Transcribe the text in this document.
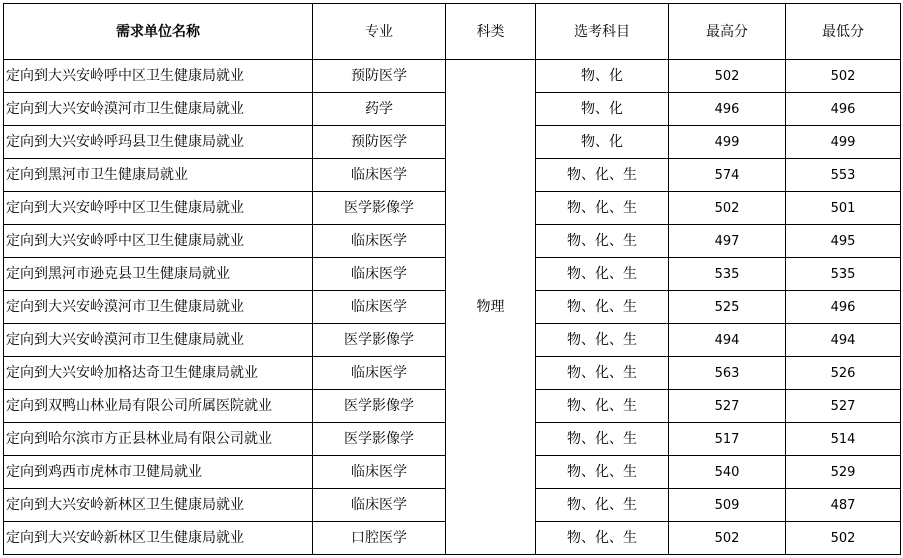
需求单位名称	专业	科类	选考科目	最高分	最低分
定向到大兴安岭呼中区卫生健康局就业	预防医学	物理	物、化	502	502
定向到大兴安岭漠河市卫生健康局就业	药学		物、化	496	496
定向到大兴安岭呼玛县卫生健康局就业	预防医学		物、化	499	499
定向到黑河市卫生健康局就业	临床医学		物、化、生	574	553
定向到大兴安岭呼中区卫生健康局就业	医学影像学		物、化、生	502	501
定向到大兴安岭呼中区卫生健康局就业	临床医学		物、化、生	497	495
定向到黑河市逊克县卫生健康局就业	临床医学		物、化、生	535	535
定向到大兴安岭漠河市卫生健康局就业	临床医学		物、化、生	525	496
定向到大兴安岭漠河市卫生健康局就业	医学影像学		物、化、生	494	494
定向到大兴安岭加格达奇卫生健康局就业	临床医学		物、化、生	563	526
定向到双鸭山林业局有限公司所属医院就业	医学影像学		物、化、生	527	527
定向到哈尔滨市方正县林业局有限公司就业	医学影像学		物、化、生	517	514
定向到鸡西市虎林市卫健局就业	临床医学		物、化、生	540	529
定向到大兴安岭新林区卫生健康局就业	临床医学		物、化、生	509	487
定向到大兴安岭新林区卫生健康局就业	口腔医学		物、化、生	502	502
